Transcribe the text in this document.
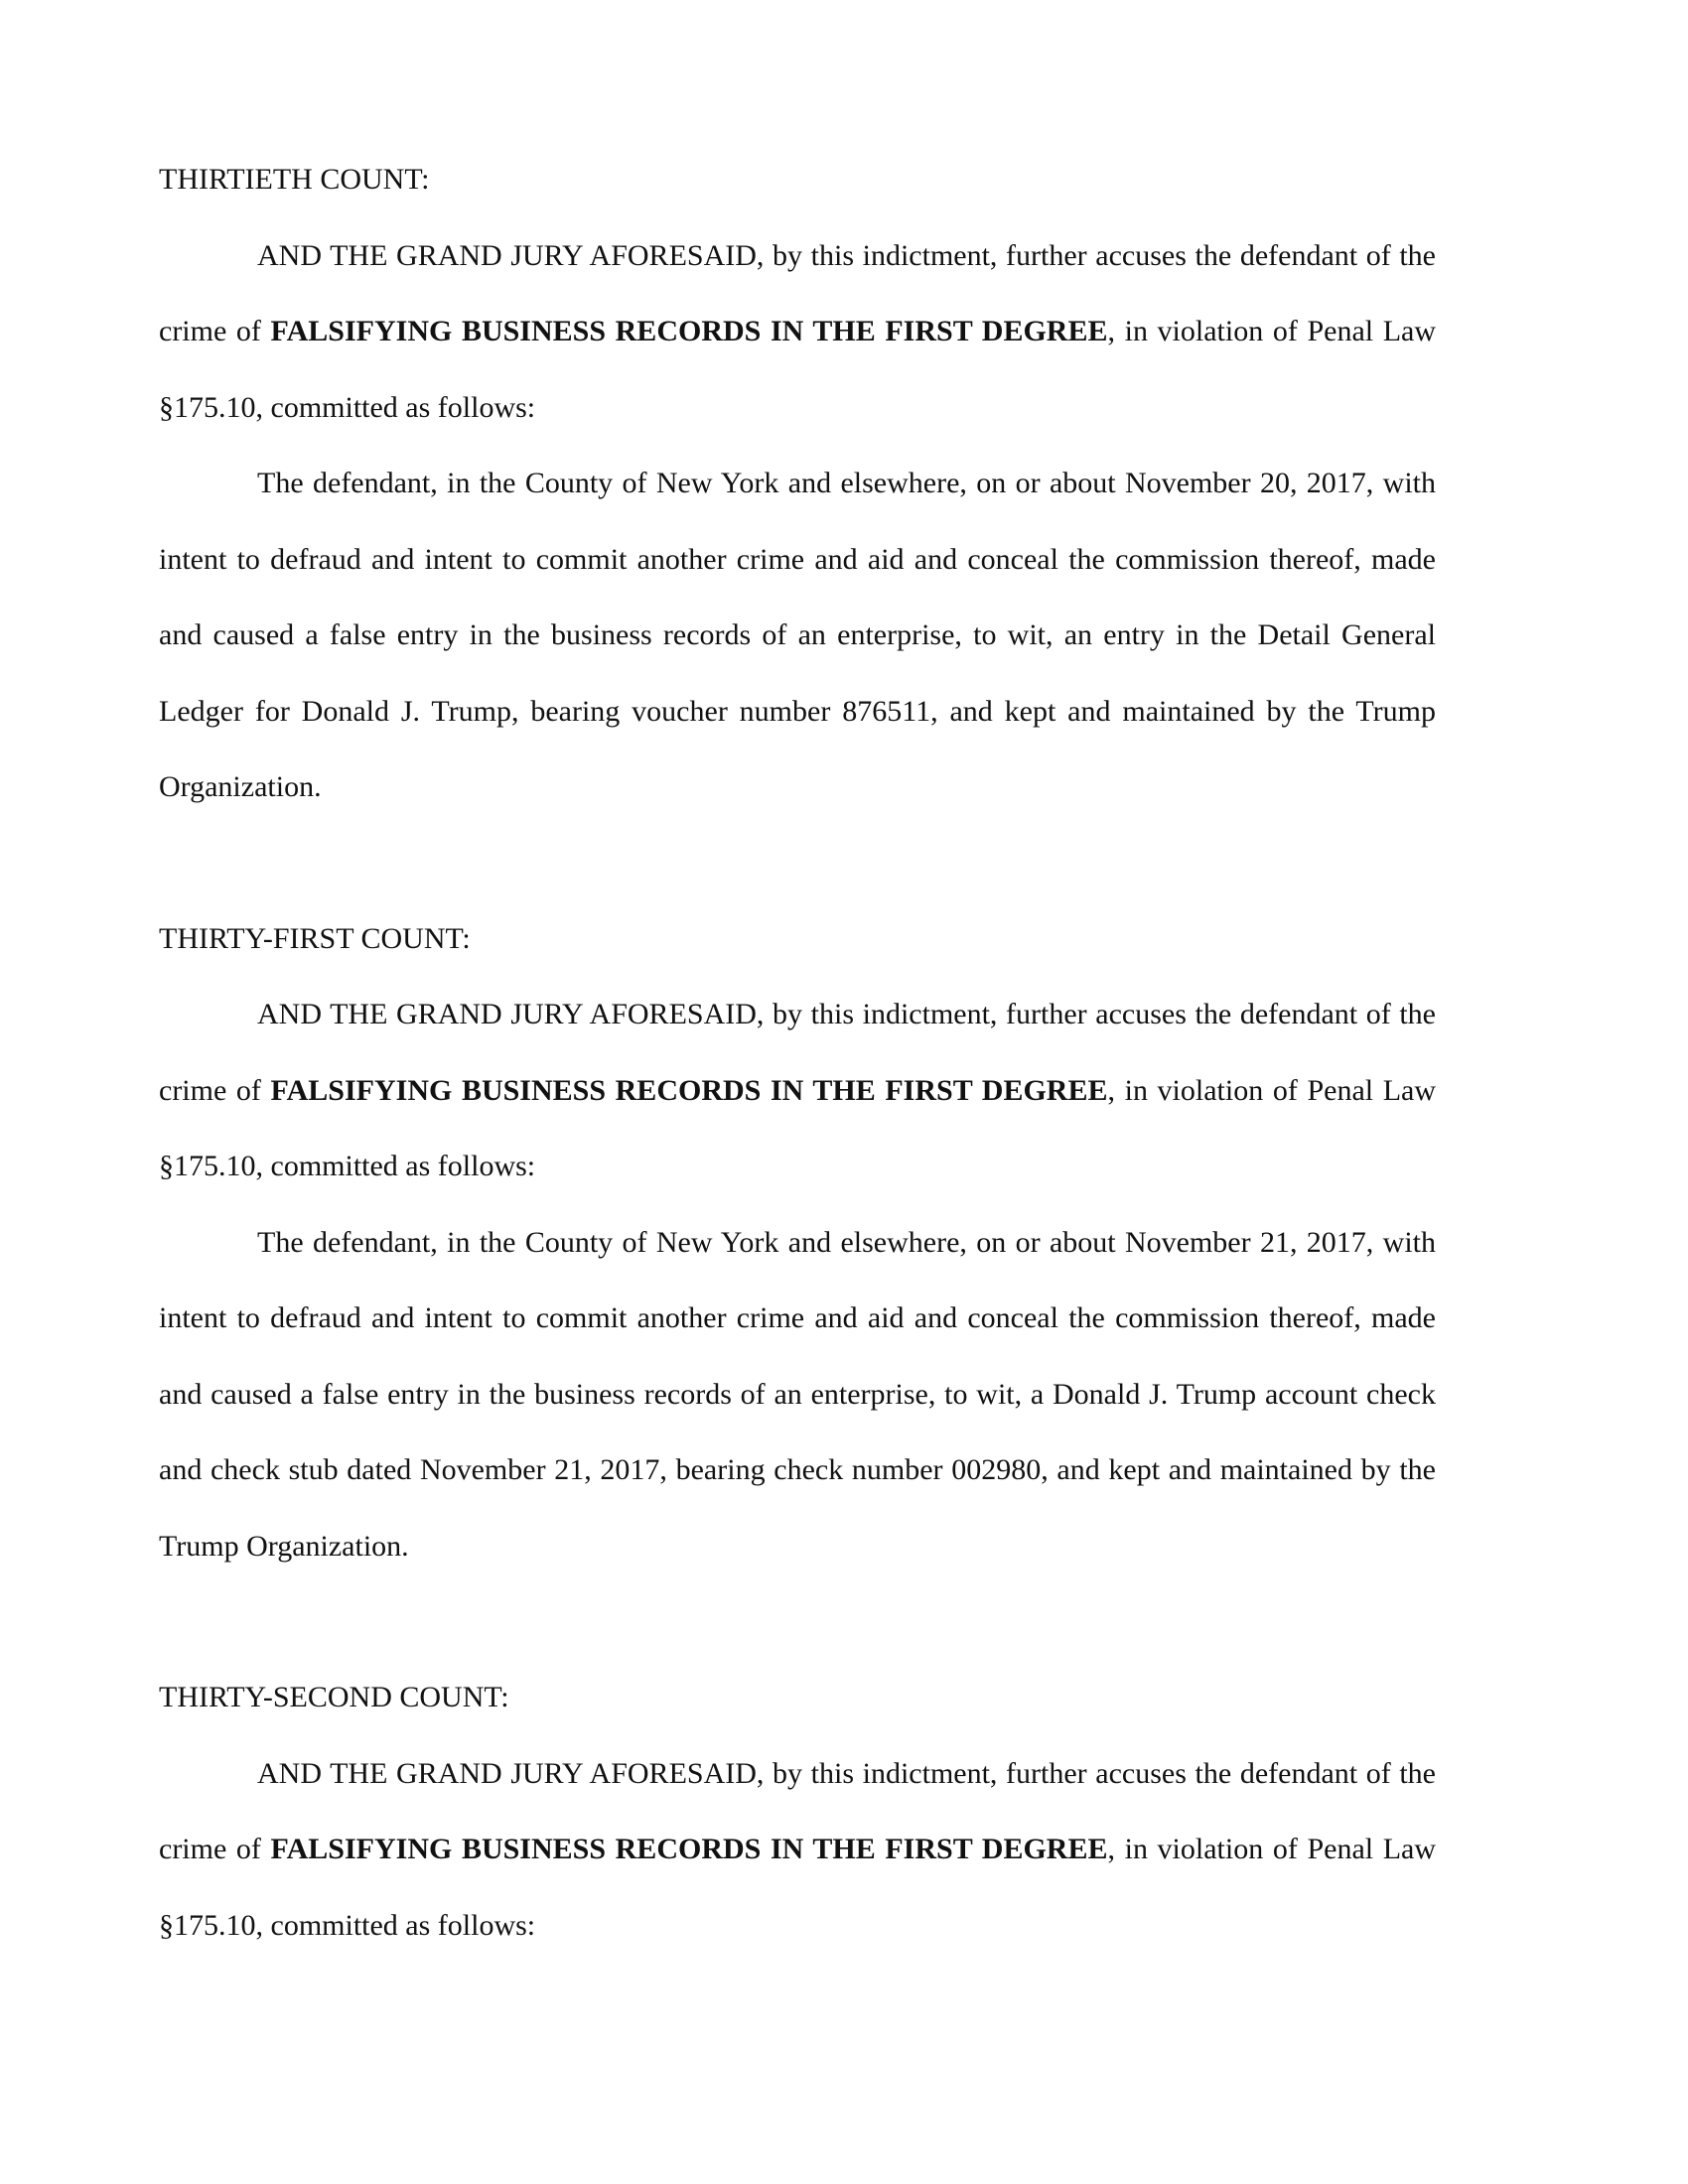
THIRTIETH COUNT:

AND THE GRAND JURY AFORESAID, by this indictment, further accuses the defendant of the crime of FALSIFYING BUSINESS RECORDS IN THE FIRST DEGREE, in violation of Penal Law §175.10, committed as follows:

The defendant, in the County of New York and elsewhere, on or about November 20, 2017, with intent to defraud and intent to commit another crime and aid and conceal the commission thereof, made and caused a false entry in the business records of an enterprise, to wit, an entry in the Detail General Ledger for Donald J. Trump, bearing voucher number 876511, and kept and maintained by the Trump Organization.

THIRTY-FIRST COUNT:

AND THE GRAND JURY AFORESAID, by this indictment, further accuses the defendant of the crime of FALSIFYING BUSINESS RECORDS IN THE FIRST DEGREE, in violation of Penal Law §175.10, committed as follows:

The defendant, in the County of New York and elsewhere, on or about November 21, 2017, with intent to defraud and intent to commit another crime and aid and conceal the commission thereof, made and caused a false entry in the business records of an enterprise, to wit, a Donald J. Trump account check and check stub dated November 21, 2017, bearing check number 002980, and kept and maintained by the Trump Organization.

THIRTY-SECOND COUNT:

AND THE GRAND JURY AFORESAID, by this indictment, further accuses the defendant of the crime of FALSIFYING BUSINESS RECORDS IN THE FIRST DEGREE, in violation of Penal Law §175.10, committed as follows:
